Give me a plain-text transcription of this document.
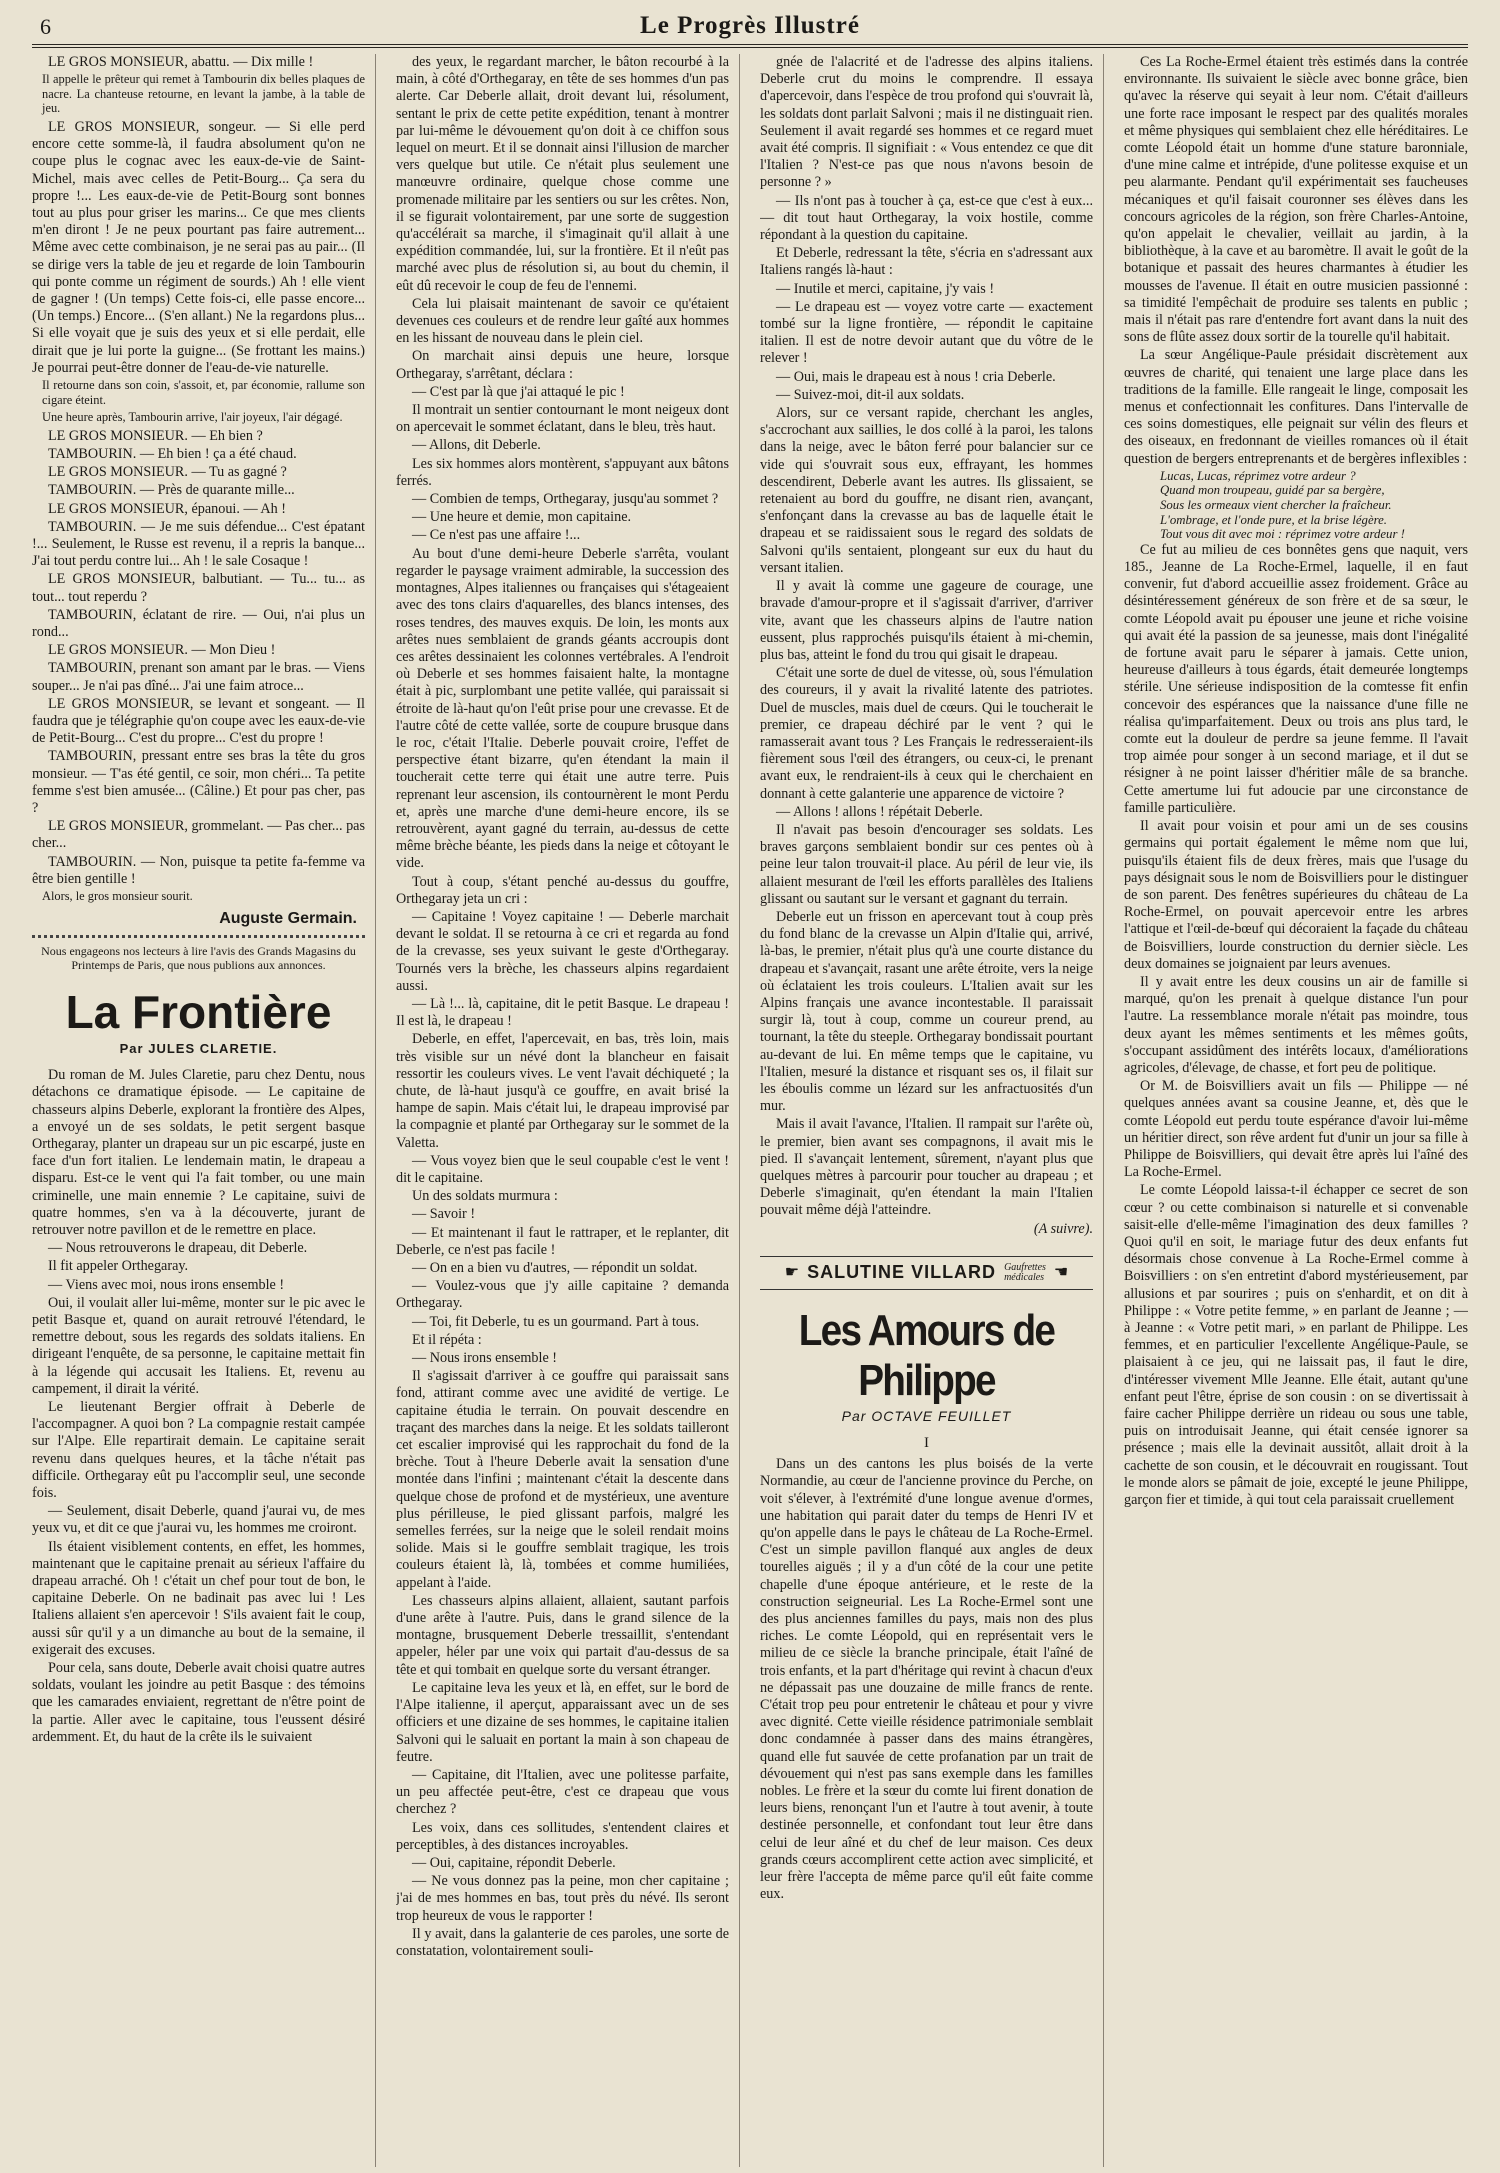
6	Le Progrès Illustré

LE GROS MONSIEUR, abattu. — Dix mille !

Il appelle le prêteur qui remet à Tambourin dix belles plaques de nacre. La chanteuse retourne, en levant la jambe, à la table de jeu.

LE GROS MONSIEUR, songeur. — Si elle perd encore cette somme-là, il faudra absolument qu'on ne coupe plus le cognac avec les eaux-de-vie de Saint-Michel, mais avec celles de Petit-Bourg... Ça sera du propre !... Les eaux-de-vie de Petit-Bourg sont bonnes tout au plus pour griser les marins... Ce que mes clients m'en diront ! Je ne peux pourtant pas faire autrement... Même avec cette combinaison, je ne serai pas au pair... (Il se dirige vers la table de jeu et regarde de loin Tambourin qui ponte comme un régiment de sourds.) Ah ! elle vient de gagner ! (Un temps) Cette fois-ci, elle passe encore... (Un temps.) Encore... (S'en allant.) Ne la regardons plus... Si elle voyait que je suis des yeux et si elle perdait, elle dirait que je lui porte la guigne... (Se frottant les mains.) Je pourrai peut-être donner de l'eau-de-vie naturelle.

Il retourne dans son coin, s'assoit, et, par économie, rallume son cigare éteint.

Une heure après, Tambourin arrive, l'air joyeux, l'air dégagé.

LE GROS MONSIEUR. — Eh bien ?

TAMBOURIN. — Eh bien ! ça a été chaud.

LE GROS MONSIEUR. — Tu as gagné ?

TAMBOURIN. — Près de quarante mille...

LE GROS MONSIEUR, épanoui. — Ah !

TAMBOURIN. — Je me suis défendue... C'est épatant !... Seulement, le Russe est revenu, il a repris la banque... J'ai tout perdu contre lui... Ah ! le sale Cosaque !

LE GROS MONSIEUR, balbutiant. — Tu... tu... as tout... tout reperdu ?

TAMBOURIN, éclatant de rire. — Oui, n'ai plus un rond...

LE GROS MONSIEUR. — Mon Dieu !

TAMBOURIN, prenant son amant par le bras. — Viens souper... Je n'ai pas dîné... J'ai une faim atroce...

LE GROS MONSIEUR, se levant et songeant. — Il faudra que je télégraphie qu'on coupe avec les eaux-de-vie de Petit-Bourg... C'est du propre... C'est du propre !

TAMBOURIN, pressant entre ses bras la tête du gros monsieur. — T'as été gentil, ce soir, mon chéri... Ta petite femme s'est bien amusée... (Câline.) Et pour pas cher, pas ?

LE GROS MONSIEUR, grommelant. — Pas cher... pas cher...

TAMBOURIN. — Non, puisque ta petite fa-femme va être bien gentille !

Alors, le gros monsieur sourit.

Auguste Germain.

Nous engageons nos lecteurs à lire l'avis des Grands Magasins du Printemps de Paris, que nous publions aux annonces.

La Frontière
Par JULES CLARETIE.

Du roman de M. Jules Claretie, paru chez Dentu, nous détachons ce dramatique épisode. — Le capitaine de chasseurs alpins Deberle, explorant la frontière des Alpes, a envoyé un de ses soldats, le petit sergent basque Orthegaray, planter un drapeau sur un pic escarpé, juste en face d'un fort italien. Le lendemain matin, le drapeau a disparu. Est-ce le vent qui l'a fait tomber, ou une main criminelle, une main ennemie ? Le capitaine, suivi de quatre hommes, s'en va à la découverte, jurant de retrouver notre pavillon et de le remettre en place.

— Nous retrouverons le drapeau, dit Deberle.

Il fit appeler Orthegaray.

— Viens avec moi, nous irons ensemble !

Oui, il voulait aller lui-même, monter sur le pic avec le petit Basque et, quand on aurait retrouvé l'étendard, le remettre debout, sous les regards des soldats italiens. En dirigeant l'enquête, de sa personne, le capitaine mettait fin à la légende qui accusait les Italiens. Et, revenu au campement, il dirait la vérité.

Le lieutenant Bergier offrait à Deberle de l'accompagner. A quoi bon ? La compagnie restait campée sur l'Alpe. Elle repartirait demain. Le capitaine serait revenu dans quelques heures, et la tâche n'était pas difficile. Orthegaray eût pu l'accomplir seul, une seconde fois.

— Seulement, disait Deberle, quand j'aurai vu, de mes yeux vu, et dit ce que j'aurai vu, les hommes me croiront.

Ils étaient visiblement contents, en effet, les hommes, maintenant que le capitaine prenait au sérieux l'affaire du drapeau arraché. Oh ! c'était un chef pour tout de bon, le capitaine Deberle. On ne badinait pas avec lui ! Les Italiens allaient s'en apercevoir ! S'ils avaient fait le coup, aussi sûr qu'il y a un dimanche au bout de la semaine, il exigerait des excuses.

Pour cela, sans doute, Deberle avait choisi quatre autres soldats, voulant les joindre au petit Basque : des témoins que les camarades enviaient, regrettant de n'être point de la partie. Aller avec le capitaine, tous l'eussent désiré ardemment. Et, du haut de la crête ils le suivaient

des yeux, le regardant marcher, le bâton recourbé à la main, à côté d'Orthegaray, en tête de ses hommes d'un pas alerte. Car Deberle allait, droit devant lui, résolument, sentant le prix de cette petite expédition, tenant à montrer par lui-même le dévouement qu'on doit à ce chiffon sous lequel on meurt. Et il se donnait ainsi l'illusion de marcher vers quelque but utile. Ce n'était plus seulement une manœuvre ordinaire, quelque chose comme une promenade militaire par les sentiers ou sur les crêtes. Non, il se figurait volontairement, par une sorte de suggestion qu'accélérait sa marche, il s'imaginait qu'il allait à une expédition commandée, lui, sur la frontière. Et il n'eût pas marché avec plus de résolution si, au bout du chemin, il eût dû recevoir le coup de feu de l'ennemi.

Cela lui plaisait maintenant de savoir ce qu'étaient devenues ces couleurs et de rendre leur gaîté aux hommes en les hissant de nouveau dans le plein ciel.

On marchait ainsi depuis une heure, lorsque Orthegaray, s'arrêtant, déclara :

— C'est par là que j'ai attaqué le pic !

Il montrait un sentier contournant le mont neigeux dont on apercevait le sommet éclatant, dans le bleu, très haut.

— Allons, dit Deberle.

Les six hommes alors montèrent, s'appuyant aux bâtons ferrés.

— Combien de temps, Orthegaray, jusqu'au sommet ?

— Une heure et demie, mon capitaine.

— Ce n'est pas une affaire !...

Au bout d'une demi-heure Deberle s'arrêta, voulant regarder le paysage vraiment admirable, la succession des montagnes, Alpes italiennes ou françaises qui s'étageaient avec des tons clairs d'aquarelles, des blancs intenses, des roses tendres, des mauves exquis. De loin, les monts aux arêtes nues semblaient de grands géants accroupis dont ces arêtes dessinaient les colonnes vertébrales. A l'endroit où Deberle et ses hommes faisaient halte, la montagne était à pic, surplombant une petite vallée, qui paraissait si étroite de là-haut qu'on l'eût prise pour une crevasse. Et de l'autre côté de cette vallée, sorte de coupure brusque dans le roc, c'était l'Italie. Deberle pouvait croire, l'effet de perspective étant bizarre, qu'en étendant la main il toucherait cette terre qui était une autre terre. Puis reprenant leur ascension, ils contournèrent le mont Perdu et, après une marche d'une demi-heure encore, ils se retrouvèrent, ayant gagné du terrain, au-dessus de cette même brèche béante, les pieds dans la neige et côtoyant le vide.

Tout à coup, s'étant penché au-dessus du gouffre, Orthegaray jeta un cri :

— Capitaine ! Voyez capitaine ! — Deberle marchait devant le soldat. Il se retourna à ce cri et regarda au fond de la crevasse, ses yeux suivant le geste d'Orthegaray. Tournés vers la brèche, les chasseurs alpins regardaient aussi.

— Là !... là, capitaine, dit le petit Basque. Le drapeau ! Il est là, le drapeau !

Deberle, en effet, l'apercevait, en bas, très loin, mais très visible sur un névé dont la blancheur en faisait ressortir les couleurs vives. Le vent l'avait déchiqueté ; la chute, de là-haut jusqu'à ce gouffre, en avait brisé la hampe de sapin. Mais c'était lui, le drapeau improvisé par la compagnie et planté par Orthegaray sur le sommet de la Valetta.

— Vous voyez bien que le seul coupable c'est le vent ! dit le capitaine.

Un des soldats murmura :

— Savoir !

— Et maintenant il faut le rattraper, et le replanter, dit Deberle, ce n'est pas facile !

— On en a bien vu d'autres, — répondit un soldat.

— Voulez-vous que j'y aille capitaine ? demanda Orthegaray.

— Toi, fit Deberle, tu es un gourmand. Part à tous.

Et il répéta :

— Nous irons ensemble !

Il s'agissait d'arriver à ce gouffre qui paraissait sans fond, attirant comme avec une avidité de vertige. Le capitaine étudia le terrain. On pouvait descendre en traçant des marches dans la neige. Et les soldats tailleront cet escalier improvisé qui les rapprochait du fond de la brèche. Tout à l'heure Deberle avait la sensation d'une montée dans l'infini ; maintenant c'était la descente dans quelque chose de profond et de mystérieux, une aventure plus périlleuse, le pied glissant parfois, malgré les semelles ferrées, sur la neige que le soleil rendait moins solide. Mais si le gouffre semblait tragique, les trois couleurs étaient là, là, tombées et comme humiliées, appelant à l'aide.

Les chasseurs alpins allaient, allaient, sautant parfois d'une arête à l'autre. Puis, dans le grand silence de la montagne, brusquement Deberle tressaillit, s'entendant appeler, héler par une voix qui partait d'au-dessus de sa tête et qui tombait en quelque sorte du versant étranger.

Le capitaine leva les yeux et là, en effet, sur le bord de l'Alpe italienne, il aperçut, apparaissant avec un de ses officiers et une dizaine de ses hommes, le capitaine italien Salvoni qui le saluait en portant la main à son chapeau de feutre.

— Capitaine, dit l'Italien, avec une politesse parfaite, un peu affectée peut-être, c'est ce drapeau que vous cherchez ?

Les voix, dans ces sollitudes, s'entendent claires et perceptibles, à des distances incroyables.

— Oui, capitaine, répondit Deberle.

— Ne vous donnez pas la peine, mon cher capitaine ; j'ai de mes hommes en bas, tout près du névé. Ils seront trop heureux de vous le rapporter !

Il y avait, dans la galanterie de ces paroles, une sorte de constatation, volontairement souli-

gnée de l'alacrité et de l'adresse des alpins italiens. Deberle crut du moins le comprendre. Il essaya d'apercevoir, dans l'espèce de trou profond qui s'ouvrait là, les soldats dont parlait Salvoni ; mais il ne distinguait rien. Seulement il avait regardé ses hommes et ce regard muet avait été compris. Il signifiait : « Vous entendez ce que dit l'Italien ? N'est-ce pas que nous n'avons besoin de personne ? »

— Ils n'ont pas à toucher à ça, est-ce que c'est à eux... — dit tout haut Orthegaray, la voix hostile, comme répondant à la question du capitaine.

Et Deberle, redressant la tête, s'écria en s'adressant aux Italiens rangés là-haut :

— Inutile et merci, capitaine, j'y vais !

— Le drapeau est — voyez votre carte — exactement tombé sur la ligne frontière, — répondit le capitaine italien. Il est de notre devoir autant que du vôtre de le relever !

— Oui, mais le drapeau est à nous ! cria Deberle.

— Suivez-moi, dit-il aux soldats.

Alors, sur ce versant rapide, cherchant les angles, s'accrochant aux saillies, le dos collé à la paroi, les talons dans la neige, avec le bâton ferré pour balancier sur ce vide qui s'ouvrait sous eux, effrayant, les hommes descendirent, Deberle avant les autres. Ils glissaient, se retenaient au bord du gouffre, ne disant rien, avançant, s'enfonçant dans la crevasse au bas de laquelle était le drapeau et se raidissaient sous le regard des soldats de Salvoni qu'ils sentaient, plongeant sur eux du haut du versant italien.

Il y avait là comme une gageure de courage, une bravade d'amour-propre et il s'agissait d'arriver, d'arriver vite, avant que les chasseurs alpins de l'autre nation eussent, plus rapprochés puisqu'ils étaient à mi-chemin, plus bas, atteint le fond du trou qui gisait le drapeau.

C'était une sorte de duel de vitesse, où, sous l'émulation des coureurs, il y avait la rivalité latente des patriotes. Duel de muscles, mais duel de cœurs. Qui le toucherait le premier, ce drapeau déchiré par le vent ? qui le ramasserait avant tous ? Les Français le redresseraient-ils fièrement sous l'œil des étrangers, ou ceux-ci, le prenant avant eux, le rendraient-ils à ceux qui le cherchaient en donnant à cette galanterie une apparence de victoire ?

— Allons ! allons ! répétait Deberle.

Il n'avait pas besoin d'encourager ses soldats. Les braves garçons semblaient bondir sur ces pentes où à peine leur talon trouvait-il place. Au péril de leur vie, ils allaient mesurant de l'œil les efforts parallèles des Italiens glissant ou sautant sur le versant et gagnant du terrain.

Deberle eut un frisson en apercevant tout à coup près du fond blanc de la crevasse un Alpin d'Italie qui, arrivé, là-bas, le premier, n'était plus qu'à une courte distance du drapeau et s'avançait, rasant une arête étroite, vers la neige où éclataient les trois couleurs. L'Italien avait sur les Alpins français une avance incontestable. Il paraissait surgir là, tout à coup, comme un coureur prend, au tournant, la tête du steeple. Orthegaray bondissait pourtant au-devant de lui. En même temps que le capitaine, vu l'Italien, mesuré la distance et risquant ses os, il filait sur les éboulis comme un lézard sur les anfractuosités d'un mur.

Mais il avait l'avance, l'Italien. Il rampait sur l'arête où, le premier, bien avant ses compagnons, il avait mis le pied. Il s'avançait lentement, sûrement, n'ayant plus que quelques mètres à parcourir pour toucher au drapeau ; et Deberle s'imaginait, qu'en étendant la main l'Italien pouvait même déjà l'atteindre.

(A suivre).

☛ SALUTINE VILLARD Gaufrettes
médicales ☚
Les Amours de Philippe
Par OCTAVE FEUILLET
I

Dans un des cantons les plus boisés de la verte Normandie, au cœur de l'ancienne province du Perche, on voit s'élever, à l'extrémité d'une longue avenue d'ormes, une habitation qui parait dater du temps de Henri IV et qu'on appelle dans le pays le château de La Roche-Ermel. C'est un simple pavillon flanqué aux angles de deux tourelles aiguës ; il y a d'un côté de la cour une petite chapelle d'une époque antérieure, et le reste de la construction seigneurial. Les La Roche-Ermel sont une des plus anciennes familles du pays, mais non des plus riches. Le comte Léopold, qui en représentait vers le milieu de ce siècle la branche principale, était l'aîné de trois enfants, et la part d'héritage qui revint à chacun d'eux ne dépassait pas une douzaine de mille francs de rente. C'était trop peu pour entretenir le château et pour y vivre avec dignité. Cette vieille résidence patrimoniale semblait donc condamnée à passer dans des mains étrangères, quand elle fut sauvée de cette profanation par un trait de dévouement qui n'est pas sans exemple dans les familles nobles. Le frère et la sœur du comte lui firent donation de leurs biens, renonçant l'un et l'autre à tout avenir, à toute destinée personnelle, et confondant tout leur être dans celui de leur aîné et du chef de leur maison. Ces deux grands cœurs accomplirent cette action avec simplicité, et leur frère l'accepta de même parce qu'il eût faite comme eux.

Ces La Roche-Ermel étaient très estimés dans la contrée environnante. Ils suivaient le siècle avec bonne grâce, bien qu'avec la réserve qui seyait à leur nom. C'était d'ailleurs une forte race imposant le respect par des qualités morales et même physiques qui semblaient chez elle héréditaires. Le comte Léopold était un homme d'une stature baronniale, d'une mine calme et intrépide, d'une politesse exquise et un peu alarmante. Pendant qu'il expérimentait ses faucheuses mécaniques et qu'il faisait couronner ses élèves dans les concours agricoles de la région, son frère Charles-Antoine, qu'on appelait le chevalier, veillait au jardin, à la bibliothèque, à la cave et au baromètre. Il avait le goût de la botanique et passait des heures charmantes à étudier les mousses de l'avenue. Il était en outre musicien passionné : sa timidité l'empêchait de produire ses talents en public ; mais il n'était pas rare d'entendre fort avant dans la nuit des sons de flûte assez doux sortir de la tourelle qu'il habitait.

La sœur Angélique-Paule présidait discrètement aux œuvres de charité, qui tenaient une large place dans les traditions de la famille. Elle rangeait le linge, composait les menus et confectionnait les confitures. Dans l'intervalle de ces soins domestiques, elle peignait sur vélin des fleurs et des oiseaux, en fredonnant de vieilles romances où il était question de bergers entreprenants et de bergères inflexibles :

Lucas, Lucas, réprimez votre ardeur ?

Quand mon troupeau, guidé par sa bergère,

Sous les ormeaux vient chercher la fraîcheur.

L'ombrage, et l'onde pure, et la brise légère.

Tout vous dit avec moi : réprimez votre ardeur !

Ce fut au milieu de ces bonnêtes gens que naquit, vers 185., Jeanne de La Roche-Ermel, laquelle, il en faut convenir, fut d'abord accueillie assez froidement. Grâce au désintéressement généreux de son frère et de sa sœur, le comte Léopold avait pu épouser une jeune et riche voisine qui avait été la passion de sa jeunesse, mais dont l'inégalité de fortune avait paru le séparer à jamais. Cette union, heureuse d'ailleurs à tous égards, était demeurée longtemps stérile. Une sérieuse indisposition de la comtesse fit enfin concevoir des espérances que la naissance d'une fille ne réalisa qu'imparfaitement. Deux ou trois ans plus tard, le comte eut la douleur de perdre sa jeune femme. Il l'avait trop aimée pour songer à un second mariage, et il dut se résigner à ne point laisser d'héritier mâle de sa branche. Cette amertume lui fut adoucie par une circonstance de famille particulière.

Il avait pour voisin et pour ami un de ses cousins germains qui portait également le même nom que lui, puisqu'ils étaient fils de deux frères, mais que l'usage du pays désignait sous le nom de Boisvilliers pour le distinguer de son parent. Des fenêtres supérieures du château de La Roche-Ermel, on pouvait apercevoir entre les arbres l'attique et l'œil-de-bœuf qui décoraient la façade du château de Boisvilliers, lourde construction du dernier siècle. Les deux domaines se joignaient par leurs avenues.

Il y avait entre les deux cousins un air de famille si marqué, qu'on les prenait à quelque distance l'un pour l'autre. La ressemblance morale n'était pas moindre, tous deux ayant les mêmes sentiments et les mêmes goûts, s'occupant assidûment des intérêts locaux, d'améliorations agricoles, d'élevage, de chasse, et fort peu de politique.

Or M. de Boisvilliers avait un fils — Philippe — né quelques années avant sa cousine Jeanne, et, dès que le comte Léopold eut perdu toute espérance d'avoir lui-même un héritier direct, son rêve ardent fut d'unir un jour sa fille à Philippe de Boisvilliers, qui devait être après lui l'aîné des La Roche-Ermel.

Le comte Léopold laissa-t-il échapper ce secret de son cœur ? ou cette combinaison si naturelle et si convenable saisit-elle d'elle-même l'imagination des deux familles ? Quoi qu'il en soit, le mariage futur des deux enfants fut désormais chose convenue à La Roche-Ermel comme à Boisvilliers : on s'en entretint d'abord mystérieusement, par allusions et par sourires ; puis on s'enhardit, et on dit à Philippe : « Votre petite femme, » en parlant de Jeanne ; — à Jeanne : « Votre petit mari, » en parlant de Philippe. Les femmes, et en particulier l'excellente Angélique-Paule, se plaisaient à ce jeu, qui ne laissait pas, il faut le dire, d'intéresser vivement Mlle Jeanne. Elle était, autant qu'une enfant peut l'être, éprise de son cousin : on se divertissait à faire cacher Philippe derrière un rideau ou sous une table, puis on introduisait Jeanne, qui était censée ignorer sa présence ; mais elle la devinait aussitôt, allait droit à la cachette de son cousin, et le découvrait en rougissant. Tout le monde alors se pâmait de joie, excepté le jeune Philippe, garçon fier et timide, à qui tout cela paraissait cruellement
